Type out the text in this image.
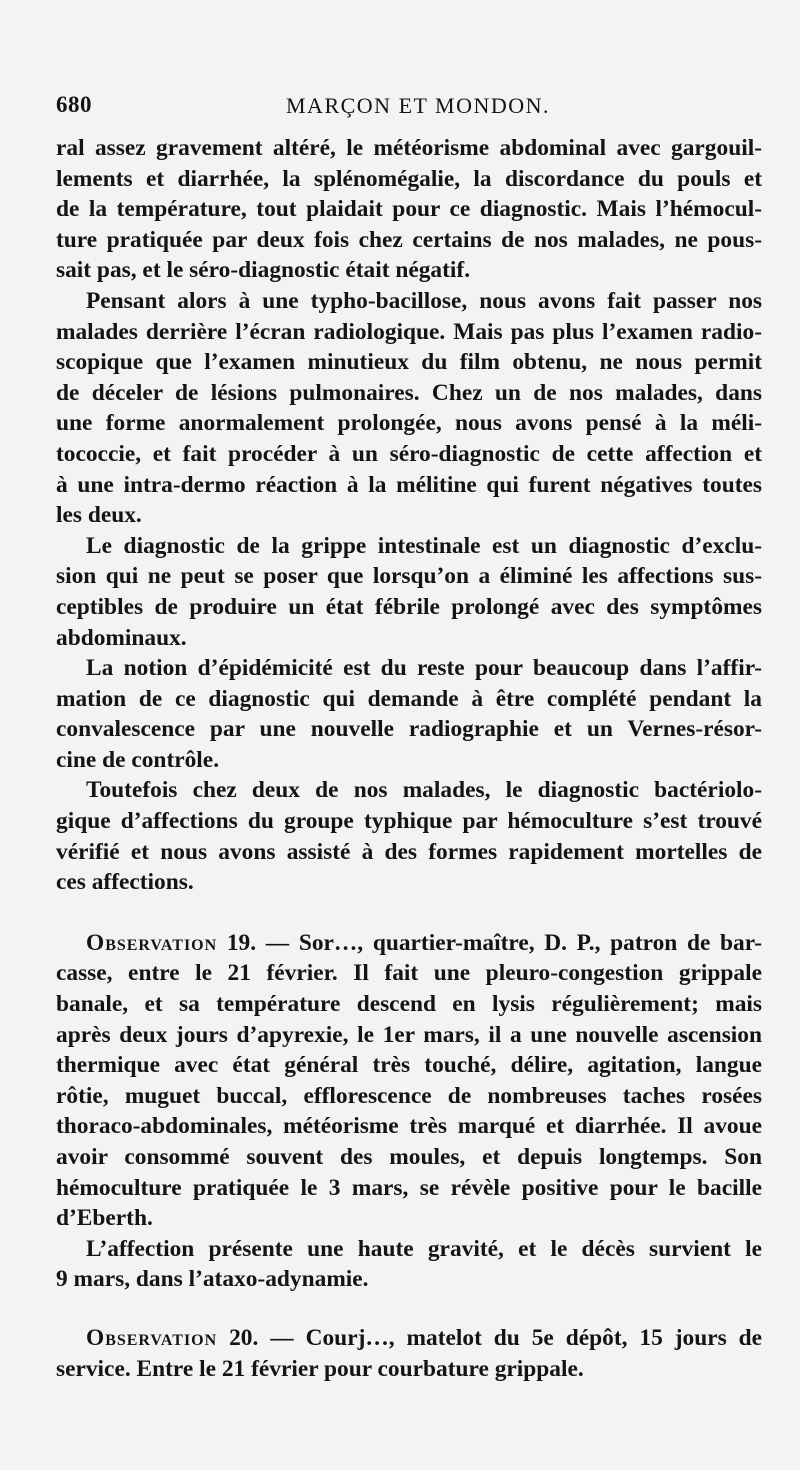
680	MARÇON ET MONDON.
ral assez gravement altéré, le météorisme abdominal avec gargouil-
lements et diarrhée, la splénomégalie, la discordance du pouls et
de la température, tout plaidait pour ce diagnostic. Mais l’hémocul-
ture pratiquée par deux fois chez certains de nos malades, ne pous-
sait pas, et le séro-diagnostic était négatif.
Pensant alors à une typho-bacillose, nous avons fait passer nos
malades derrière l’écran radiologique. Mais pas plus l’examen radio-
scopique que l’examen minutieux du film obtenu, ne nous permit
de déceler de lésions pulmonaires. Chez un de nos malades, dans
une forme anormalement prolongée, nous avons pensé à la méli-
tococcie, et fait procéder à un séro-diagnostic de cette affection et
à une intra-dermo réaction à la mélitine qui furent négatives toutes
les deux.
Le diagnostic de la grippe intestinale est un diagnostic d’exclu-
sion qui ne peut se poser que lorsqu’on a éliminé les affections sus-
ceptibles de produire un état fébrile prolongé avec des symptômes
abdominaux.
La notion d’épidémicité est du reste pour beaucoup dans l’affir-
mation de ce diagnostic qui demande à être complété pendant la
convalescence par une nouvelle radiographie et un Vernes-résor-
cine de contrôle.
Toutefois chez deux de nos malades, le diagnostic bactériolo-
gique d’affections du groupe typhique par hémoculture s’est trouvé
vérifié et nous avons assisté à des formes rapidement mortelles de
ces affections.
Observation 19. — Sor…, quartier-maître, D. P., patron de bar-
casse, entre le 21 février. Il fait une pleuro-congestion grippale
banale, et sa température descend en lysis régulièrement; mais
après deux jours d’apyrexie, le 1er mars, il a une nouvelle ascension
thermique avec état général très touché, délire, agitation, langue
rôtie, muguet buccal, efflorescence de nombreuses taches rosées
thoraco-abdominales, météorisme très marqué et diarrhée. Il avoue
avoir consommé souvent des moules, et depuis longtemps. Son
hémoculture pratiquée le 3 mars, se révèle positive pour le bacille
d’Eberth.
L’affection présente une haute gravité, et le décès survient le
9 mars, dans l’ataxo-adynamie.
Observation 20. — Courj…, matelot du 5e dépôt, 15 jours de
service. Entre le 21 février pour courbature grippale.
